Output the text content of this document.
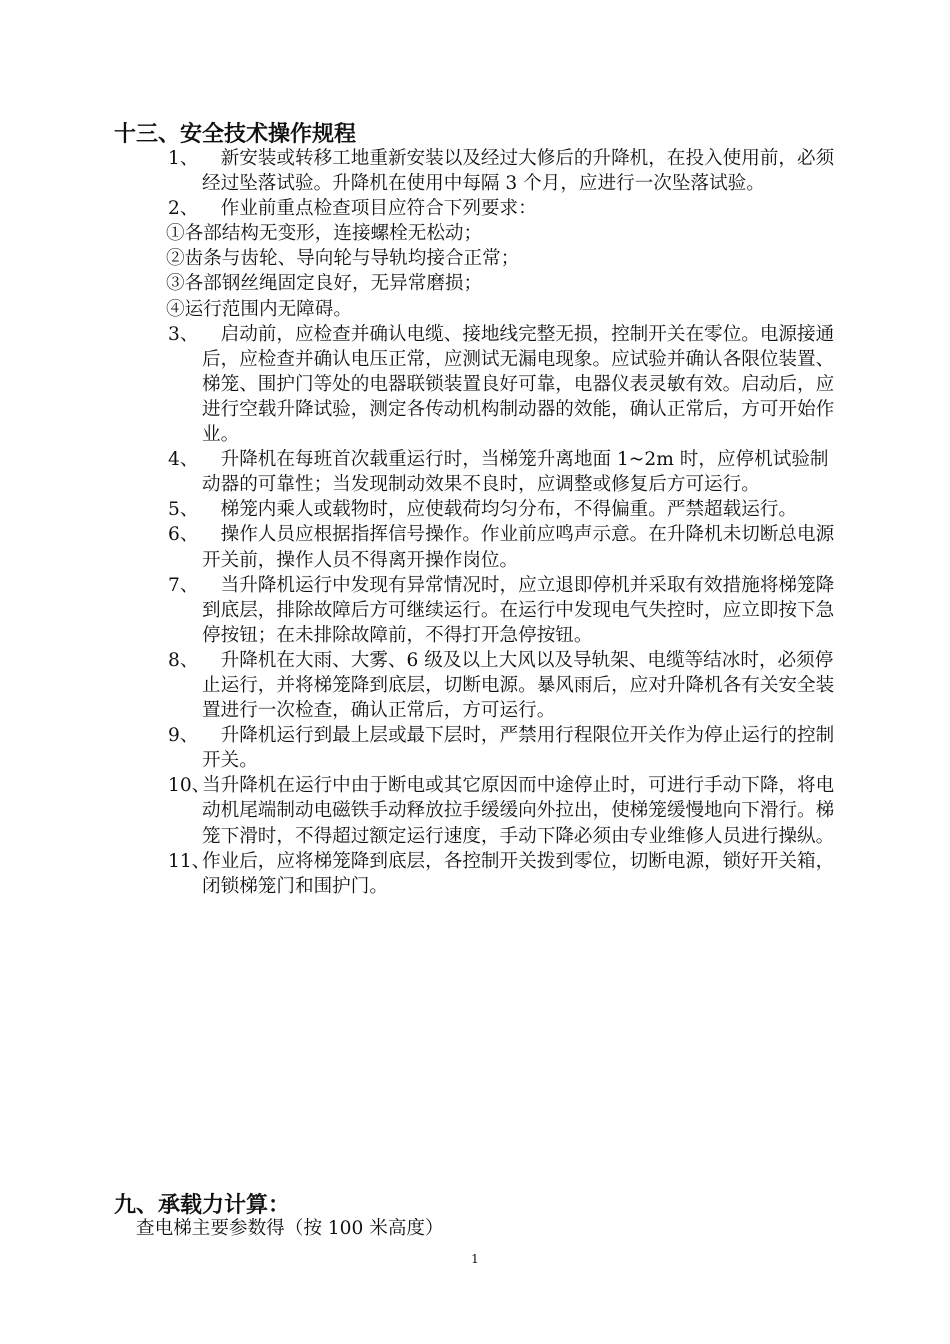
十三、安全技术操作规程
1、 　新安装或转移工地重新安装以及经过大修后的升降机，在投入使用前，必须经过坠落试验。升降机在使用中每隔 3 个月，应进行一次坠落试验。
2、 　作业前重点检查项目应符合下列要求：
①各部结构无变形，连接螺栓无松动；
②齿条与齿轮、导向轮与导轨均接合正常；
③各部钢丝绳固定良好，无异常磨损；
④运行范围内无障碍。
3、 　启动前，应检查并确认电缆、接地线完整无损，控制开关在零位。电源接通后，应检查并确认电压正常，应测试无漏电现象。应试验并确认各限位装置、梯笼、围护门等处的电器联锁装置良好可靠，电器仪表灵敏有效。启动后，应进行空载升降试验，测定各传动机构制动器的效能，确认正常后，方可开始作业。
4、 　升降机在每班首次载重运行时，当梯笼升离地面 1~2m 时，应停机试验制动器的可靠性；当发现制动效果不良时，应调整或修复后方可运行。
5、 　梯笼内乘人或载物时，应使载荷均匀分布，不得偏重。严禁超载运行。
6、 　操作人员应根据指挥信号操作。作业前应鸣声示意。在升降机未切断总电源开关前，操作人员不得离开操作岗位。
7、 　当升降机运行中发现有异常情况时，应立退即停机并采取有效措施将梯笼降到底层，排除故障后方可继续运行。在运行中发现电气失控时，应立即按下急停按钮；在未排除故障前，不得打开急停按钮。
8、 　升降机在大雨、大雾、6 级及以上大风以及导轨架、电缆等结冰时，必须停止运行，并将梯笼降到底层，切断电源。暴风雨后，应对升降机各有关安全装置进行一次检查，确认正常后，方可运行。
9、 　升降机运行到最上层或最下层时，严禁用行程限位开关作为停止运行的控制开关。
10、
当升降机在运行中由于断电或其它原因而中途停止时，可进行手动下降，将电动机尾端制动电磁铁手动释放拉手缓缓向外拉出，使梯笼缓慢地向下滑行。梯笼下滑时，不得超过额定运行速度，手动下降必须由专业维修人员进行操纵。
11、
作业后，应将梯笼降到底层，各控制开关拨到零位，切断电源，锁好开关箱，闭锁梯笼门和围护门。
九、承载力计算：
查电梯主要参数得（按 100 米高度）
1
